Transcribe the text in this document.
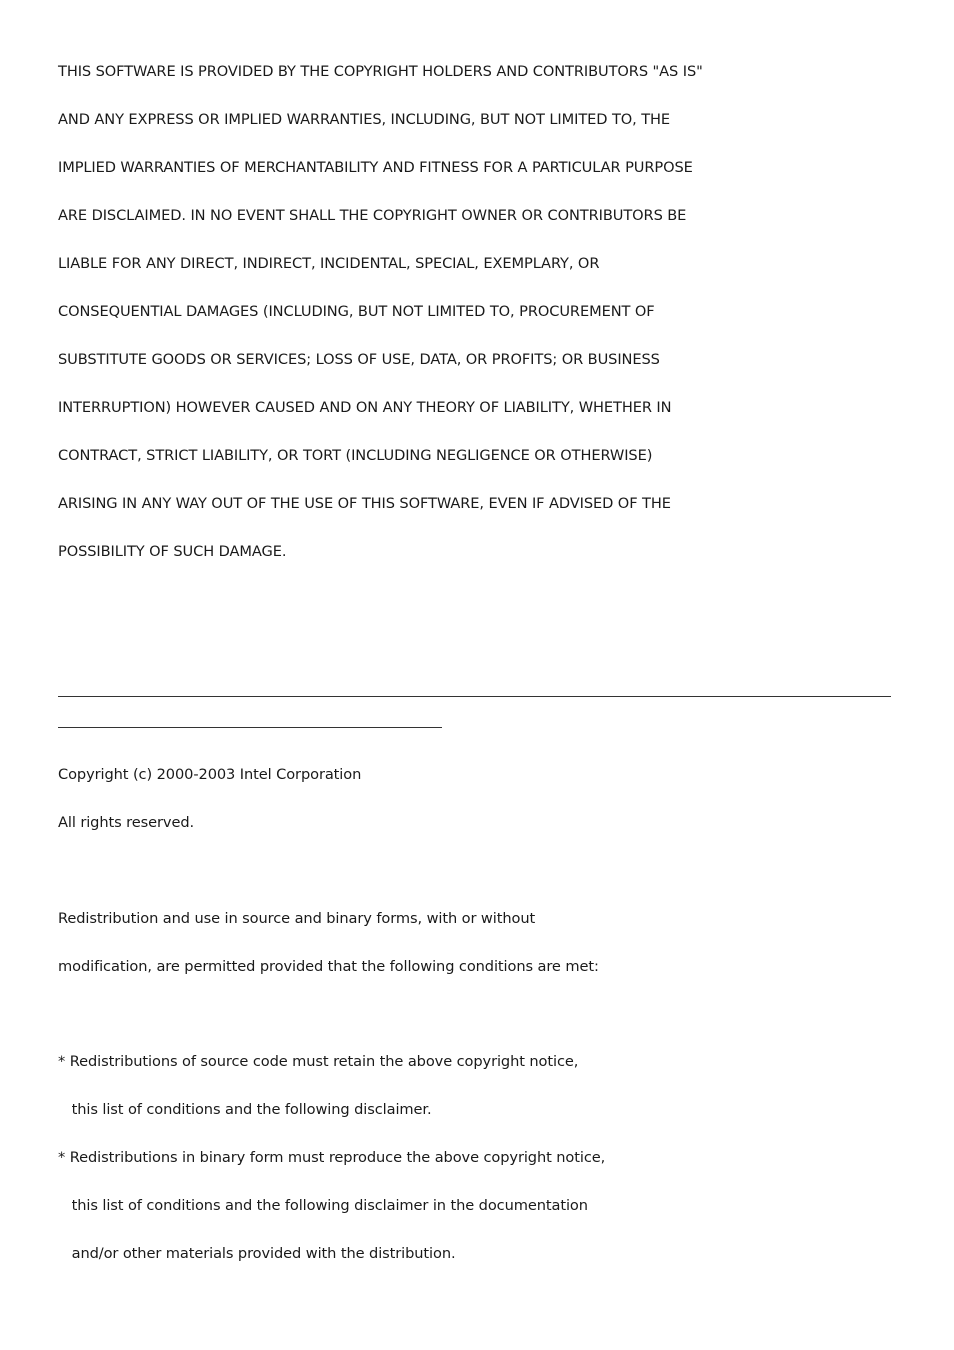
THIS SOFTWARE IS PROVIDED BY THE COPYRIGHT HOLDERS AND CONTRIBUTORS "AS IS"
AND ANY EXPRESS OR IMPLIED WARRANTIES, INCLUDING, BUT NOT LIMITED TO, THE
IMPLIED WARRANTIES OF MERCHANTABILITY AND FITNESS FOR A PARTICULAR PURPOSE
ARE DISCLAIMED. IN NO EVENT SHALL THE COPYRIGHT OWNER OR CONTRIBUTORS BE
LIABLE FOR ANY DIRECT, INDIRECT, INCIDENTAL, SPECIAL, EXEMPLARY, OR
CONSEQUENTIAL DAMAGES (INCLUDING, BUT NOT LIMITED TO, PROCUREMENT OF
SUBSTITUTE GOODS OR SERVICES; LOSS OF USE, DATA, OR PROFITS; OR BUSINESS
INTERRUPTION) HOWEVER CAUSED AND ON ANY THEORY OF LIABILITY, WHETHER IN
CONTRACT, STRICT LIABILITY, OR TORT (INCLUDING NEGLIGENCE OR OTHERWISE)
ARISING IN ANY WAY OUT OF THE USE OF THIS SOFTWARE, EVEN IF ADVISED OF THE
POSSIBILITY OF SUCH DAMAGE.
Copyright (c) 2000-2003 Intel Corporation
All rights reserved.
Redistribution and use in source and binary forms, with or without
modification, are permitted provided that the following conditions are met:
* Redistributions of source code must retain the above copyright notice,
this list of conditions and the following disclaimer.
* Redistributions in binary form must reproduce the above copyright notice,
this list of conditions and the following disclaimer in the documentation
and/or other materials provided with the distribution.
